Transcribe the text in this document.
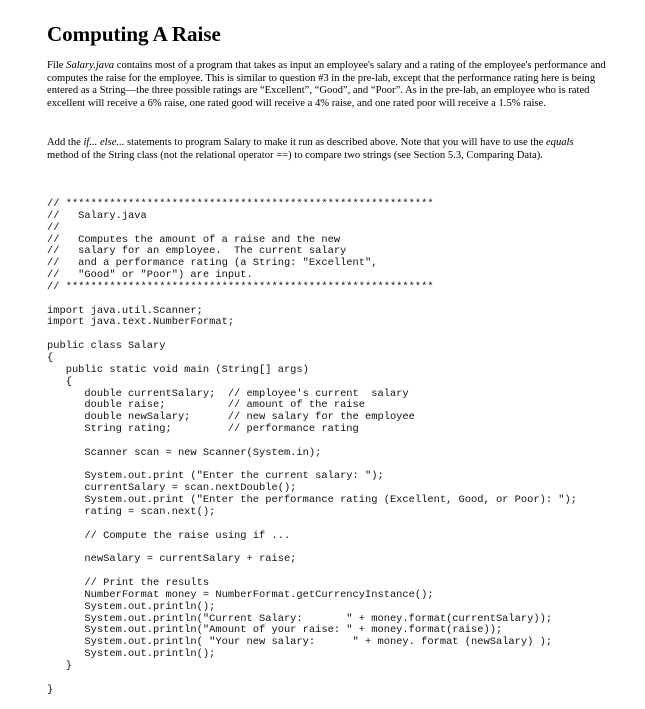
Computing A Raise
File Salary.java contains most of a program that takes as input an employee's salary and a rating of the employee's performance and computes the raise for the employee. This is similar to question #3 in the pre-lab, except that the performance rating here is being entered as a String—the three possible ratings are “Excellent”, “Good”, and “Poor”. As in the pre-lab, an employee who is rated excellent will receive a 6% raise, one rated good will receive a 4% raise, and one rated poor will receive a 1.5% raise.
Add the if... else... statements to program Salary to make it run as described above. Note that you will have to use the equals method of the String class (not the relational operator ==) to compare two strings (see Section 5.3, Comparing Data).
// ***********************************************************
//   Salary.java
//
//   Computes the amount of a raise and the new
//   salary for an employee.  The current salary
//   and a performance rating (a String: "Excellent",
//   "Good" or "Poor") are input.
// ***********************************************************
import java.util.Scanner;
import java.text.NumberFormat;
public class Salary
{
public static void main (String[] args)
{
double currentSalary;  // employee's current  salary
double raise;          // amount of the raise
double newSalary;      // new salary for the employee
String rating;         // performance rating
Scanner scan = new Scanner(System.in);
System.out.print ("Enter the current salary: ");
currentSalary = scan.nextDouble();
System.out.print ("Enter the performance rating (Excellent, Good, or Poor): ");
rating = scan.next();
// Compute the raise using if ...
newSalary = currentSalary + raise;
// Print the results
NumberFormat money = NumberFormat.getCurrencyInstance();
System.out.println();
System.out.println("Current Salary:       " + money.format(currentSalary));
System.out.println("Amount of your raise: " + money.format(raise));
System.out.println( "Your new salary:      " + money. format (newSalary) );
System.out.println();
}
}
